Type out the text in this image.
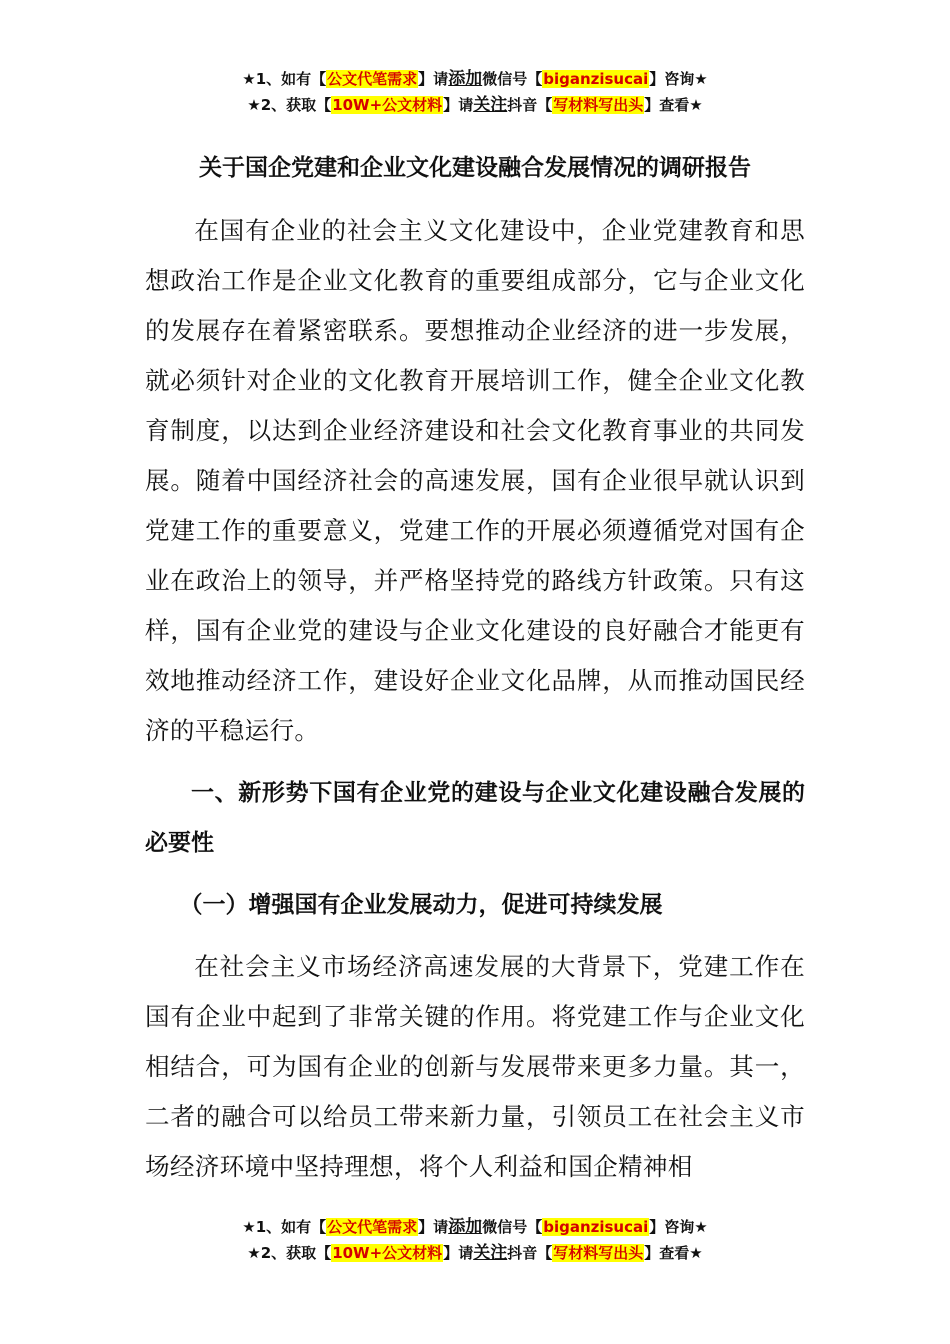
★1、如有【公文代笔需求】请添加微信号【biganzisucai】咨询★
★2、获取【10W+公文材料】请关注抖音【写材料写出头】查看★
关于国企党建和企业文化建设融合发展情况的调研报告

在国有企业的社会主义文化建设中，企业党建教育和思想政治工作是企业文化教育的重要组成部分，它与企业文化的发展存在着紧密联系。要想推动企业经济的进一步发展，就必须针对企业的文化教育开展培训工作，健全企业文化教育制度，以达到企业经济建设和社会文化教育事业的共同发展。随着中国经济社会的高速发展，国有企业很早就认识到党建工作的重要意义，党建工作的开展必须遵循党对国有企业在政治上的领导，并严格坚持党的路线方针政策。只有这样，国有企业党的建设与企业文化建设的良好融合才能更有效地推动经济工作，建设好企业文化品牌，从而推动国民经济的平稳运行。

一、新形势下国有企业党的建设与企业文化建设融合发展的必要性

（一）增强国有企业发展动力，促进可持续发展

在社会主义市场经济高速发展的大背景下，党建工作在国有企业中起到了非常关键的作用。将党建工作与企业文化相结合，可为国有企业的创新与发展带来更多力量。其一，二者的融合可以给员工带来新力量，引领员工在社会主义市场经济环境中坚持理想，将个人利益和国企精神相

★1、如有【公文代笔需求】请添加微信号【biganzisucai】咨询★
★2、获取【10W+公文材料】请关注抖音【写材料写出头】查看★
